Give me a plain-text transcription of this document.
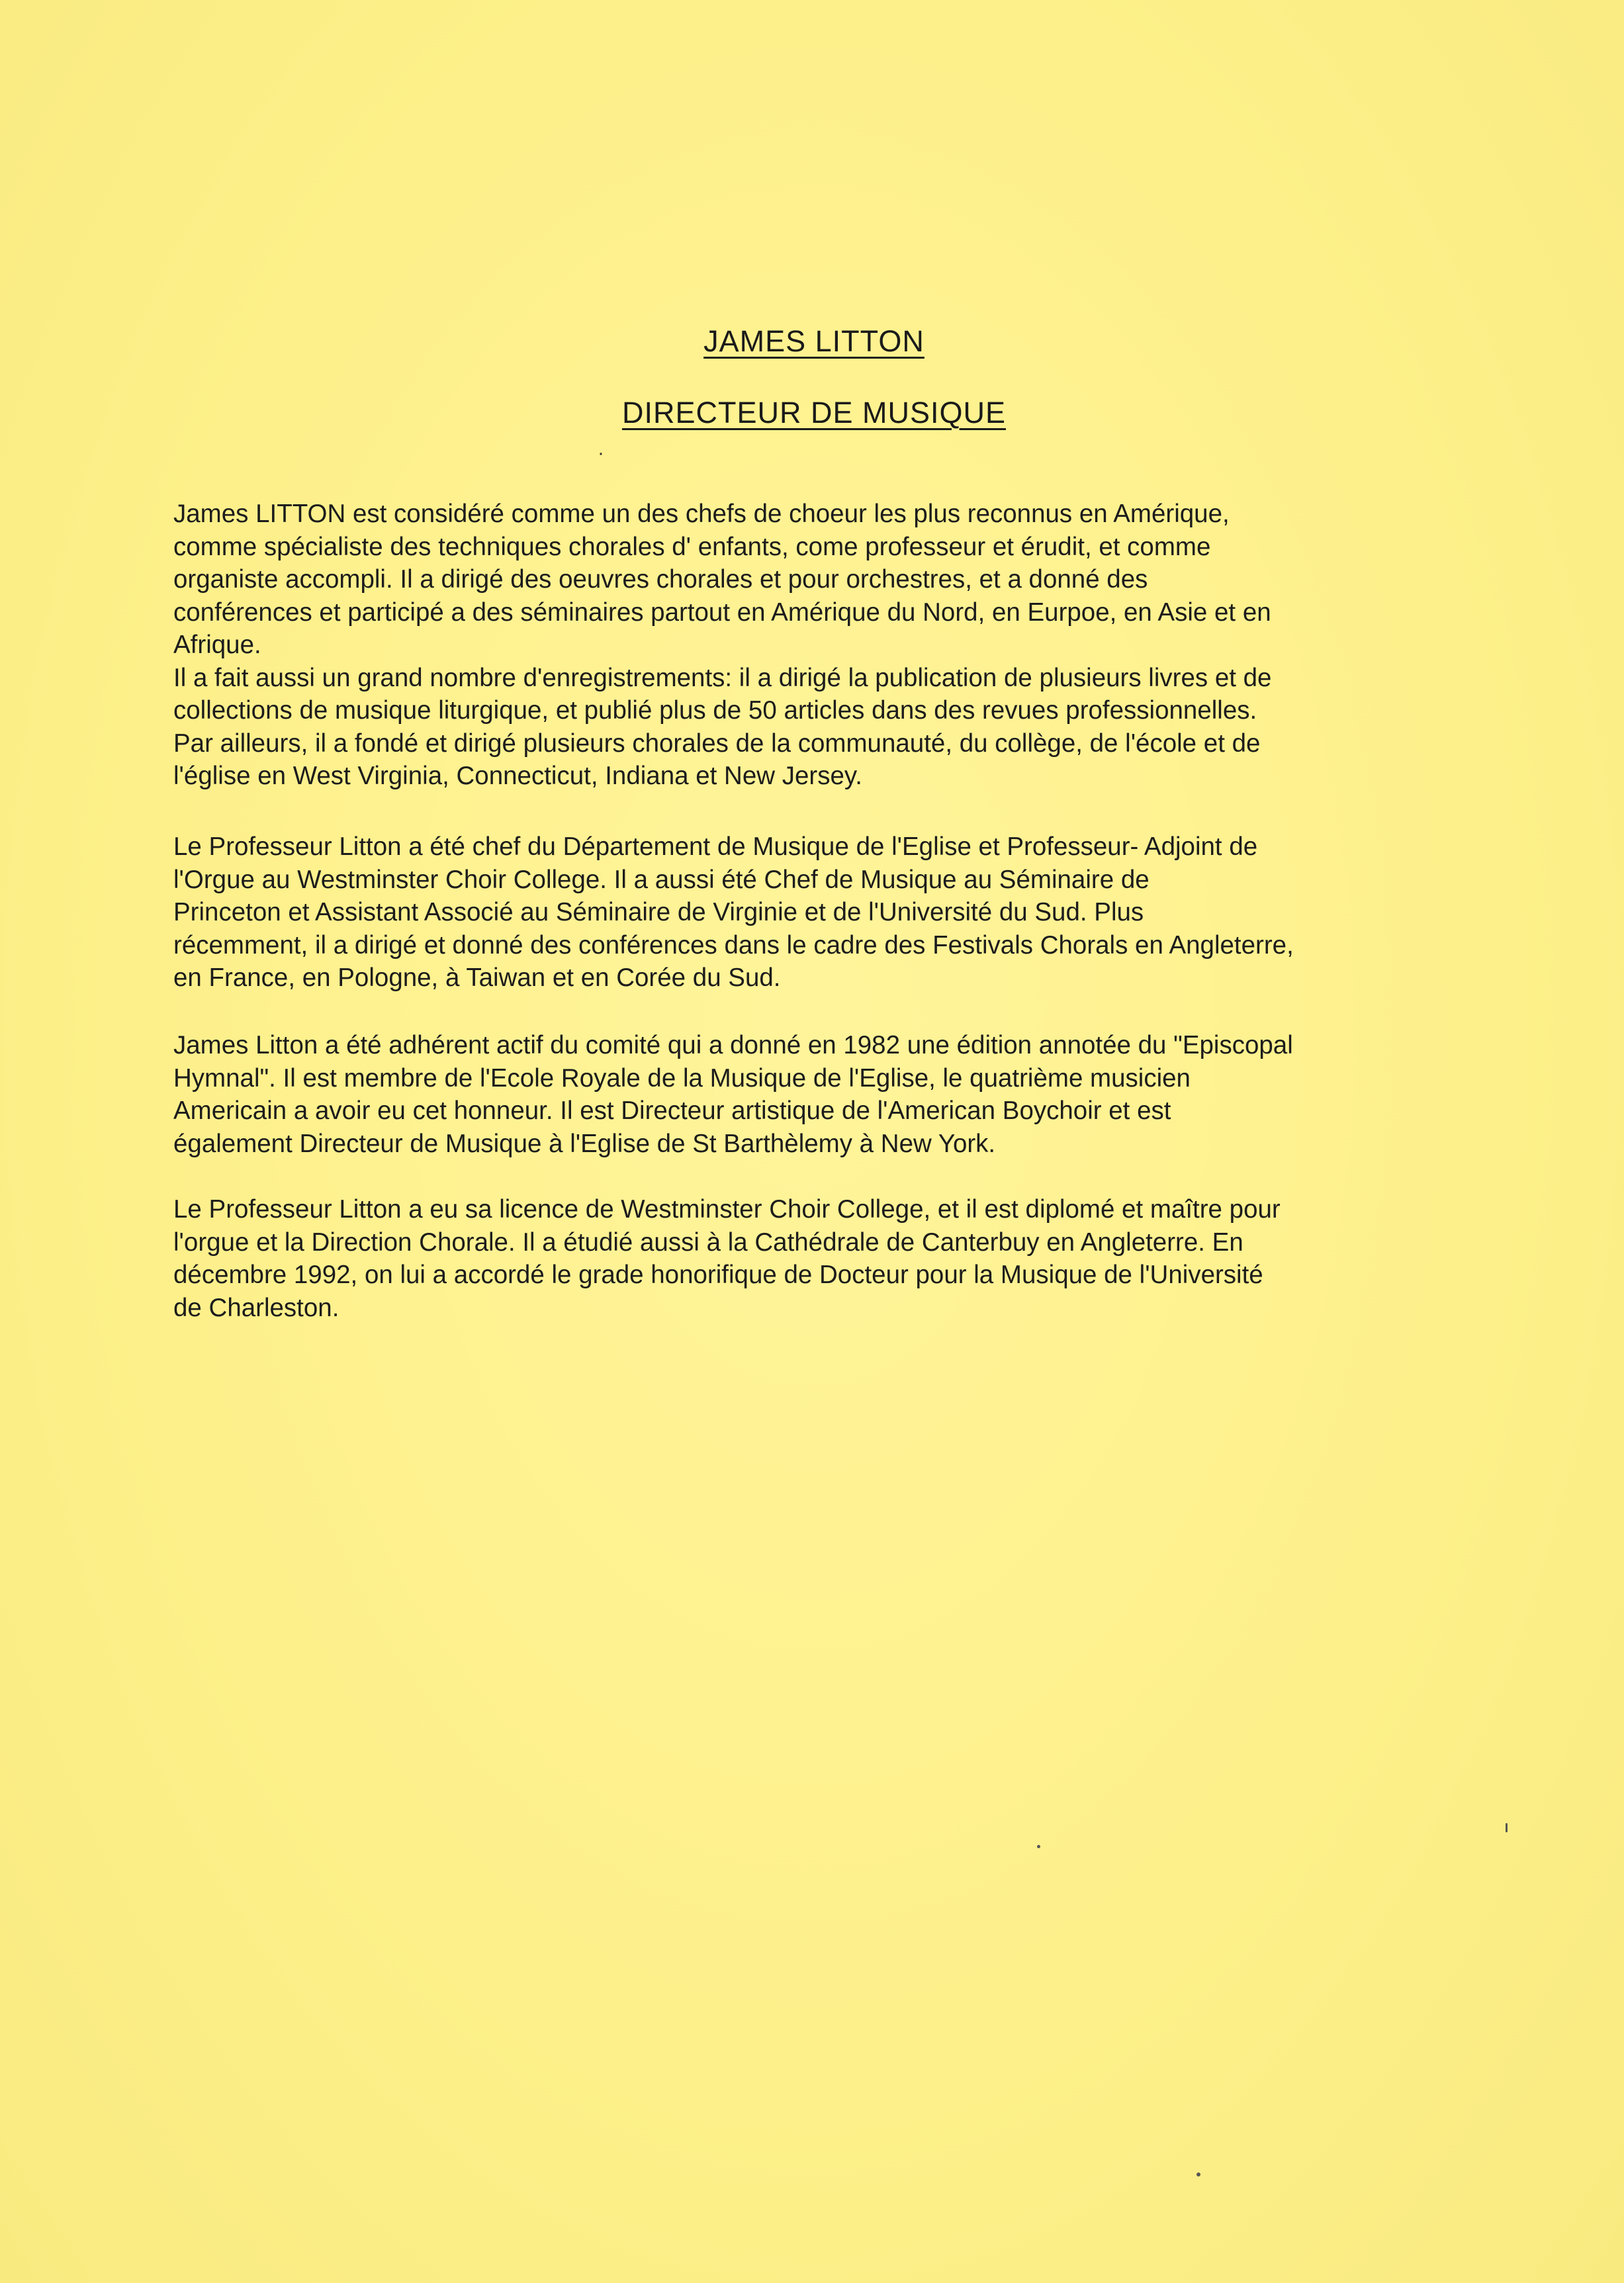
JAMES LITTON
DIRECTEUR DE MUSIQUE
·

James LITTON est considéré comme un des chefs de choeur les plus reconnus en Amérique,

comme spécialiste des techniques chorales d' enfants, come professeur et érudit, et comme

organiste accompli. Il a dirigé des oeuvres chorales et pour orchestres, et a donné des

conférences et participé a des séminaires partout en Amérique du Nord, en Eurpoe, en Asie et en

Afrique.

Il a fait aussi un grand nombre d'enregistrements: il a dirigé la publication de plusieurs livres et de

collections de musique liturgique, et publié plus de 50 articles dans des revues professionnelles.

Par ailleurs, il a fondé et dirigé plusieurs chorales de la communauté, du collège, de l'école et de

l'église en West Virginia, Connecticut, Indiana et New Jersey.

Le Professeur Litton a été chef du Département de Musique de l'Eglise et Professeur- Adjoint de

l'Orgue au Westminster Choir College. Il a aussi été Chef de Musique au Séminaire de

Princeton et Assistant Associé au Séminaire de Virginie et de l'Université du Sud. Plus

récemment, il a dirigé et donné des conférences dans le cadre des Festivals Chorals en Angleterre,

en France, en Pologne, à Taiwan et en Corée du Sud.

James Litton a été adhérent actif du comité qui a donné en 1982 une édition annotée du "Episcopal

Hymnal". Il est membre de l'Ecole Royale de la Musique de l'Eglise, le quatrième musicien

Americain a avoir eu cet honneur. Il est Directeur artistique de l'American Boychoir et est

également Directeur de Musique à l'Eglise de St Barthèlemy à New York.

Le Professeur Litton a eu sa licence de Westminster Choir College, et il est diplomé et maître pour

l'orgue et la Direction Chorale. Il a étudié aussi à la Cathédrale de Canterbuy en Angleterre. En

décembre 1992, on lui a accordé le grade honorifique de Docteur pour la Musique de l'Université

de Charleston.
